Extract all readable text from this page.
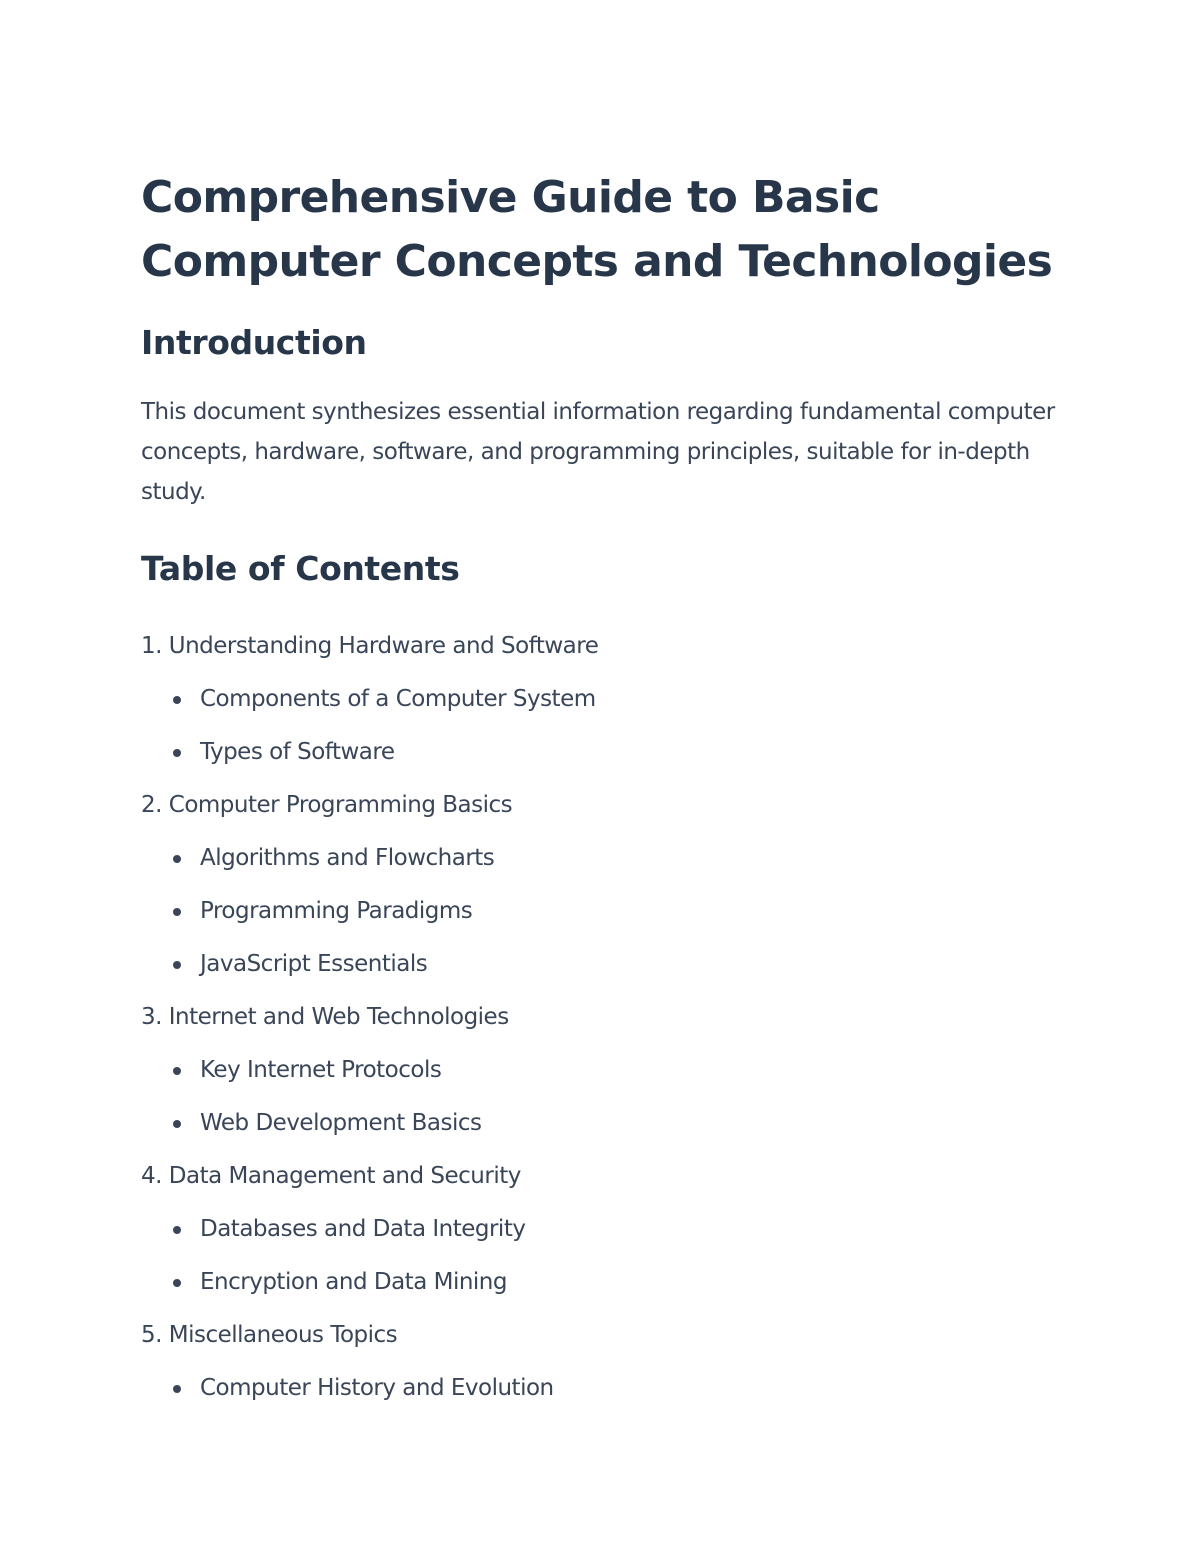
Comprehensive Guide to Basic Computer Concepts and Technologies
Introduction

This document synthesizes essential information regarding fundamental computer concepts, hardware, software, and programming principles, suitable for in-depth study.

Table of Contents
1. Understanding Hardware and Software
Components of a Computer System
Types of Software
2. Computer Programming Basics
Algorithms and Flowcharts
Programming Paradigms
JavaScript Essentials
3. Internet and Web Technologies
Key Internet Protocols
Web Development Basics
4. Data Management and Security
Databases and Data Integrity
Encryption and Data Mining
5. Miscellaneous Topics
Computer History and Evolution
